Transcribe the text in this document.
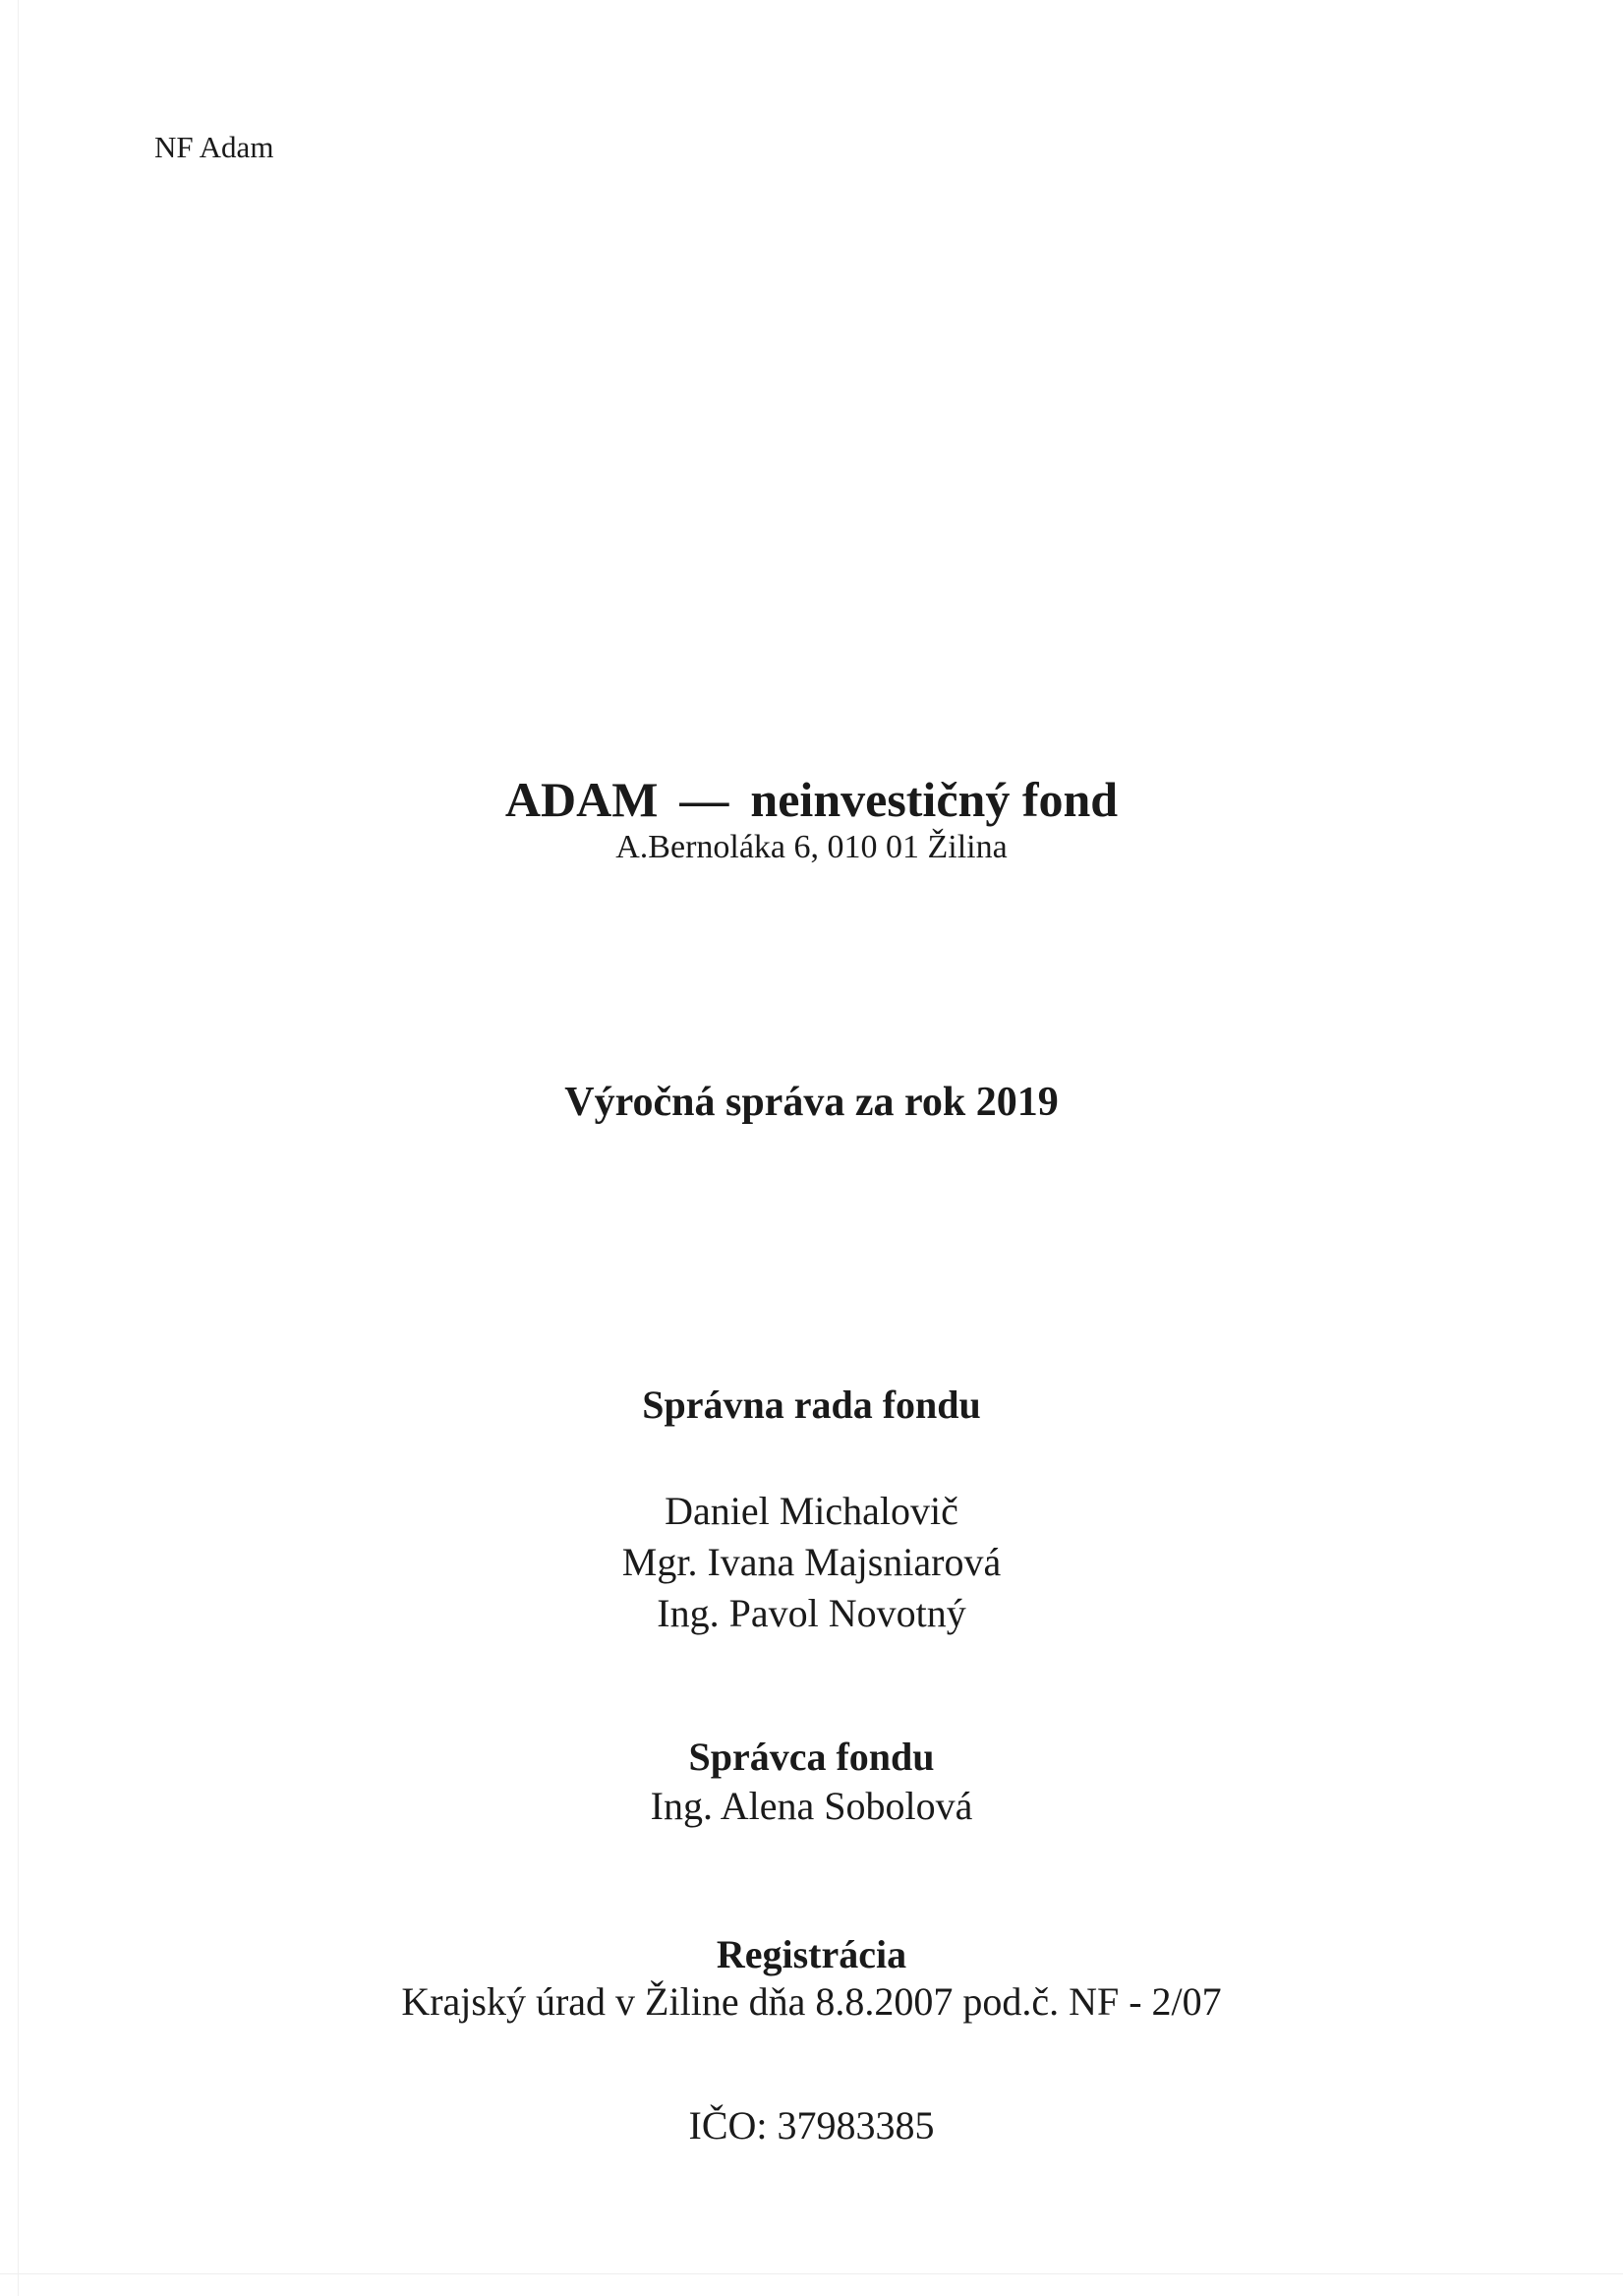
NF Adam
ADAM — neinvestičný fond
A.Bernoláka 6, 010 01 Žilina
Výročná správa za rok 2019
Správna rada fondu
Daniel Michalovič
Mgr. Ivana Majsniarová
Ing. Pavol Novotný
Správca fondu
Ing. Alena Sobolová
Registrácia
Krajský úrad v Žiline dňa 8.8.2007 pod.č. NF - 2/07
IČO: 37983385
